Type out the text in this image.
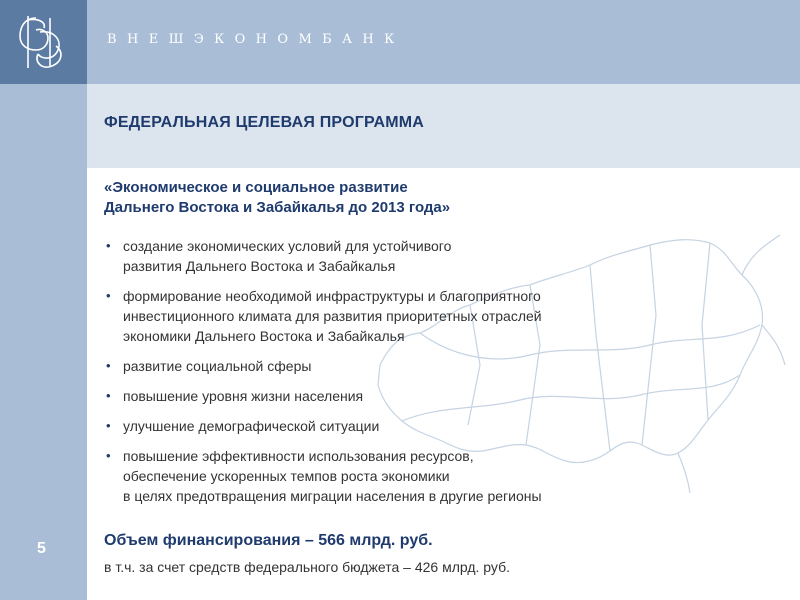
ВНЕШЭКОНОМБАНК
ФЕДЕРАЛЬНАЯ ЦЕЛЕВАЯ ПРОГРАММА
«Экономическое и социальное развитие
Дальнего Востока и Забайкалья до 2013 года»
• создание экономических условий для устойчивого
развития Дальнего Востока и Забайкалья
• формирование необходимой инфраструктуры и благоприятного
инвестиционного климата для развития приоритетных отраслей
экономики Дальнего Востока и Забайкалья
• развитие социальной сферы
• повышение уровня жизни населения
• улучшение демографической ситуации
• повышение эффективности использования ресурсов,
обеспечение ускоренных темпов роста экономики
в целях предотвращения миграции населения в другие регионы
Объем финансирования – 566 млрд. руб.
в т.ч. за счет средств федерального бюджета – 426 млрд. руб.
5
